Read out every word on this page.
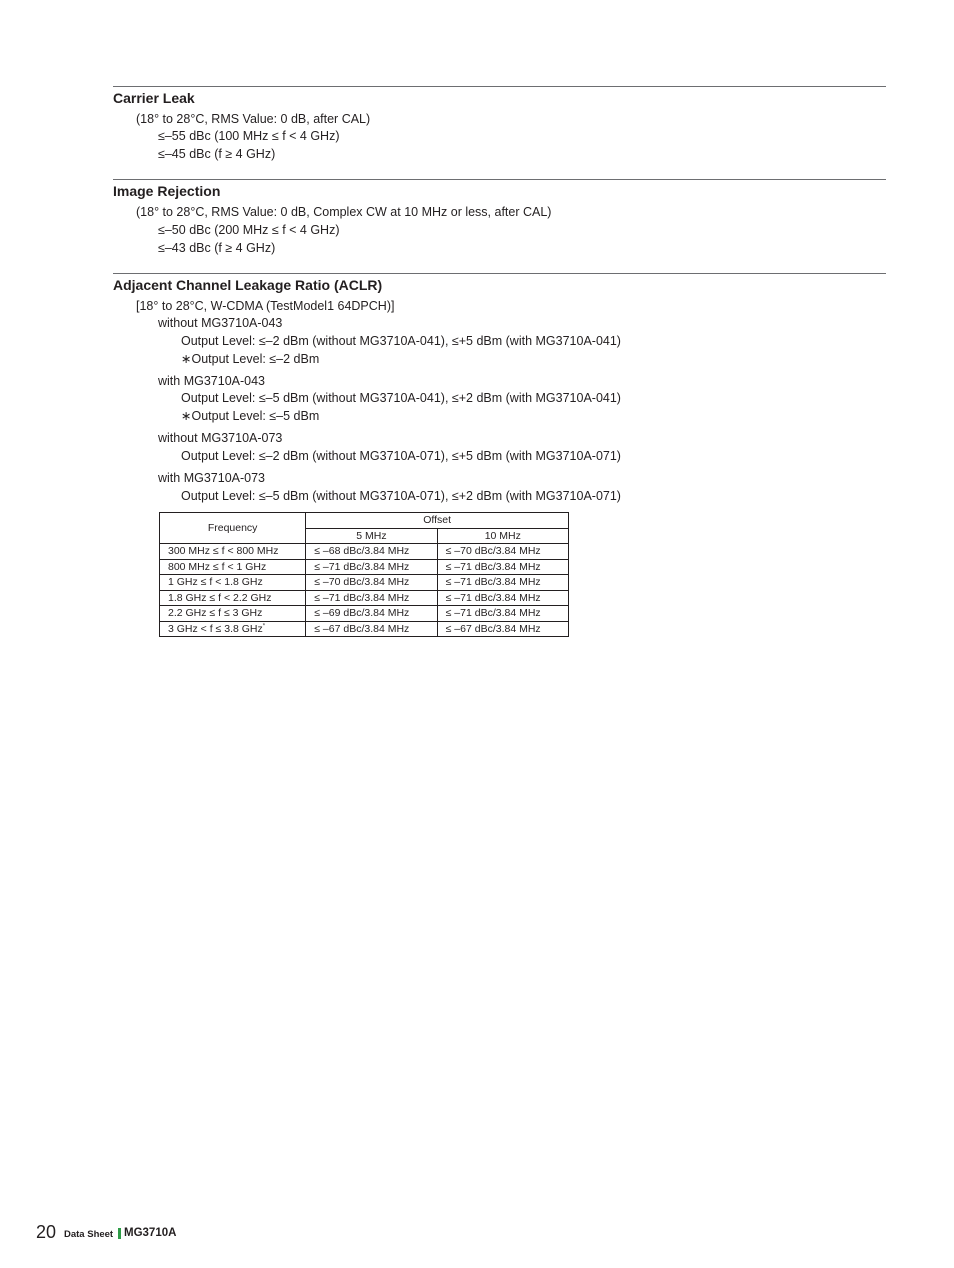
Carrier Leak
(18° to 28°C, RMS Value: 0 dB, after CAL)
≤–55 dBc (100 MHz ≤ f < 4 GHz)
≤–45 dBc (f ≥ 4 GHz)
Image Rejection
(18° to 28°C, RMS Value: 0 dB, Complex CW at 10 MHz or less, after CAL)
≤–50 dBc (200 MHz ≤ f < 4 GHz)
≤–43 dBc (f ≥ 4 GHz)
Adjacent Channel Leakage Ratio (ACLR)
[18° to 28°C, W-CDMA (TestModel1 64DPCH)]
without MG3710A-043
Output Level: ≤–2 dBm (without MG3710A-041), ≤+5 dBm (with MG3710A-041)
∗Output Level: ≤–2 dBm
with MG3710A-043
Output Level: ≤–5 dBm (without MG3710A-041), ≤+2 dBm (with MG3710A-041)
∗Output Level: ≤–5 dBm
without MG3710A-073
Output Level: ≤–2 dBm (without MG3710A-071), ≤+5 dBm (with MG3710A-071)
with MG3710A-073
Output Level: ≤–5 dBm (without MG3710A-071), ≤+2 dBm (with MG3710A-071)
Frequency	Offset	
	5 MHz	10 MHz
300 MHz ≤ f < 800 MHz	≤ –68 dBc/3.84 MHz	≤ –70 dBc/3.84 MHz
800 MHz ≤ f < 1 GHz	≤ –71 dBc/3.84 MHz	≤ –71 dBc/3.84 MHz
1 GHz ≤ f < 1.8 GHz	≤ –70 dBc/3.84 MHz	≤ –71 dBc/3.84 MHz
1.8 GHz ≤ f < 2.2 GHz	≤ –71 dBc/3.84 MHz	≤ –71 dBc/3.84 MHz
2.2 GHz ≤ f ≤ 3 GHz	≤ –69 dBc/3.84 MHz	≤ –71 dBc/3.84 MHz
3 GHz < f ≤ 3.8 GHz*	≤ –67 dBc/3.84 MHz	≤ –67 dBc/3.84 MHz
20 Data Sheet MG3710A
